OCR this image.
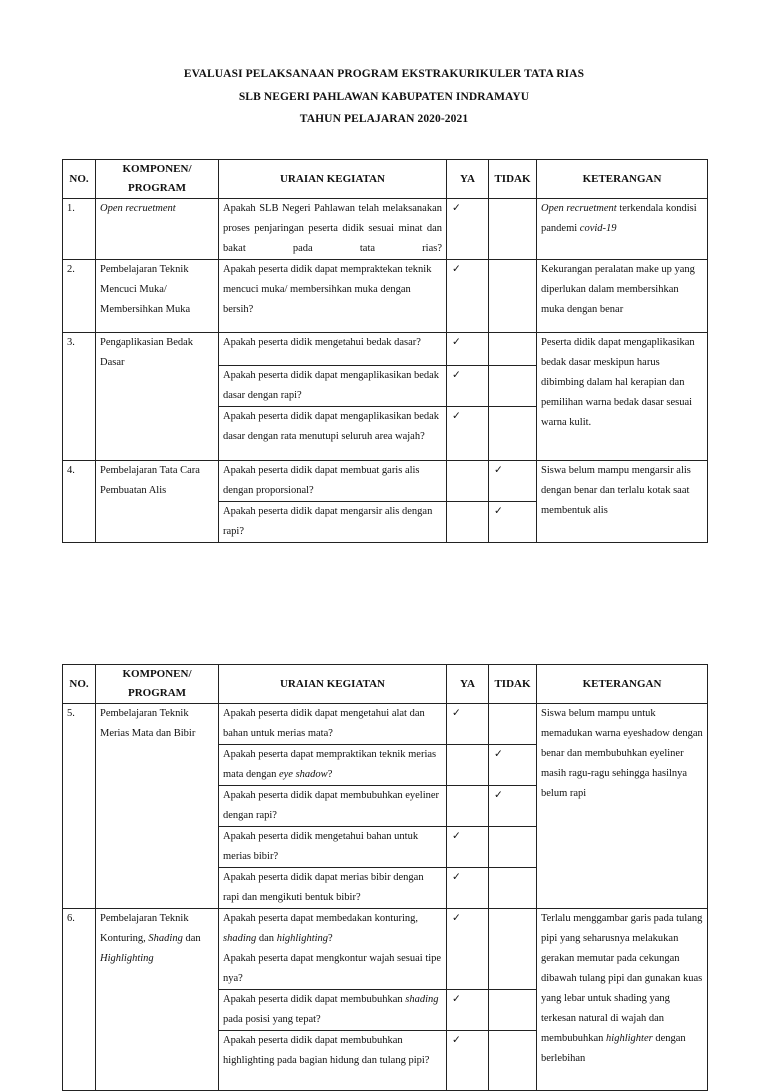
EVALUASI PELAKSANAAN PROGRAM EKSTRAKURIKULER TATA RIAS
SLB NEGERI PAHLAWAN KABUPATEN INDRAMAYU
TAHUN PELAJARAN 2020-2021
NO.	KOMPONEN/ PROGRAM	URAIAN KEGIATAN	YA	TIDAK	KETERANGAN
1.	Open recruetment	Apakah SLB Negeri Pahlawan telah melaksanakan proses penjaringan peserta didik sesuai minat dan bakat pada tata rias?	✓		Open recruetment terkendala kondisi pandemi covid-19
2.	Pembelajaran Teknik Mencuci Muka/ Membersihkan Muka	Apakah peserta didik dapat mempraktekan teknik mencuci muka/ membersihkan muka dengan bersih?	✓		Kekurangan peralatan make up yang diperlukan dalam membersihkan muka dengan benar
3.	Pengaplikasian Bedak Dasar	Apakah peserta didik mengetahui bedak dasar?	✓		Peserta didik dapat mengaplikasikan bedak dasar meskipun harus dibimbing dalam hal kerapian dan pemilihan warna bedak dasar sesuai warna kulit.
		Apakah peserta didik dapat mengaplikasikan bedak dasar dengan rapi?	✓		
		Apakah peserta didik dapat mengaplikasikan bedak dasar dengan rata menutupi seluruh area wajah?	✓		
4.	Pembelajaran Tata Cara Pembuatan Alis	Apakah peserta didik dapat membuat garis alis dengan proporsional?		✓	Siswa belum mampu mengarsir alis dengan benar dan terlalu kotak saat membentuk alis
		Apakah peserta didik dapat mengarsir alis dengan rapi?		✓	
NO.	KOMPONEN/ PROGRAM	URAIAN KEGIATAN	YA	TIDAK	KETERANGAN
5.	Pembelajaran Teknik Merias Mata dan Bibir	Apakah peserta didik dapat mengetahui alat dan bahan untuk merias mata?	✓		Siswa belum mampu untuk memadukan warna eyeshadow dengan benar dan membubuhkan eyeliner masih ragu-ragu sehingga hasilnya belum rapi
		Apakah peserta dapat mempraktikan teknik merias mata dengan eye shadow?		✓	
		Apakah peserta didik dapat membubuhkan eyeliner dengan rapi?		✓	
		Apakah peserta didik mengetahui bahan untuk merias bibir?	✓		
		Apakah peserta didik dapat merias bibir dengan rapi dan mengikuti bentuk bibir?	✓		
6.	Pembelajaran Teknik Konturing, Shading dan Highlighting	Apakah peserta dapat membedakan konturing, shading dan highlighting?
Apakah peserta dapat mengkontur wajah sesuai tipe nya?	✓		Terlalu menggambar garis pada tulang pipi yang seharusnya melakukan gerakan memutar pada cekungan dibawah tulang pipi dan gunakan kuas yang lebar untuk shading yang terkesan natural di wajah dan membubuhkan highlighter dengan berlebihan
		Apakah peserta didik dapat membubuhkan shading pada posisi yang tepat?	✓		
		Apakah peserta didik dapat membubuhkan highlighting pada bagian hidung dan tulang pipi?	✓		
